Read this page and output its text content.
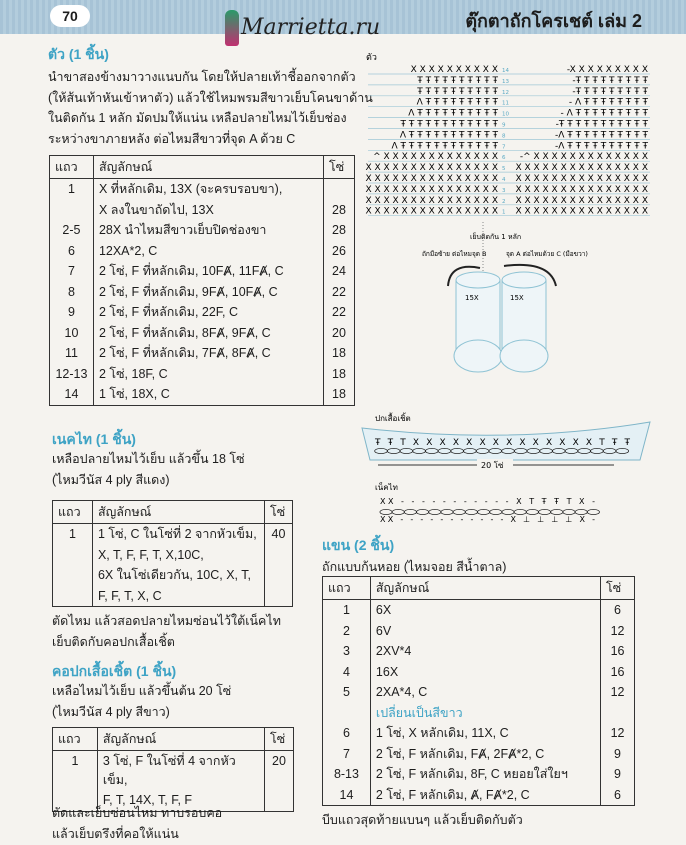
70	Marrietta.ru	ตุ๊กตาถักโครเชต์ เล่ม 2
ตัว (1 ชิ้น)
นำขาสองข้างมาวางแนบกัน โดยให้ปลายเท้าชี้ออกจากตัว
(ให้ส้นเท้าหันเข้าหาตัว) แล้วใช้ไหมพรมสีขาวเย็บโคนขาด้าน
ในติดกัน 1 หลัก มัดปมให้แน่น เหลือปลายไหมไว้เย็บช่อง
ระหว่างขาภายหลัง ต่อไหมสีขาวที่จุด A ด้วย C
แถว	สัญลักษณ์	โซ่
1	X ที่หลักเดิม, 13X (จะครบรอบขา),	
	X ลงในขาถัดไป, 13X	28
2-5	28X นำไหมสีขาวเย็บปิดช่องขา	28
6	12XA*2, C	26
7	2 โซ่, F ที่หลักเดิม, 10FȺ, 11FȺ, C	24
8	2 โซ่, F ที่หลักเดิม, 9FȺ, 10FȺ, C	22
9	2 โซ่, F ที่หลักเดิม, 22F, C	22
10	2 โซ่, F ที่หลักเดิม, 8FȺ, 9FȺ, C	20
11	2 โซ่, F ที่หลักเดิม, 7FȺ, 8FȺ, C	18
12-13	2 โซ่, 18F, C	18
14	1 โซ่, 18X, C	18
เนคไท (1 ชิ้น)
เหลือปลายไหมไว้เย็บ แล้วขึ้น 18 โซ่
(ไหมวีนัส 4 ply สีแดง)
แถว	สัญลักษณ์	โซ่
1	1 โซ่, C ในโซ่ที่ 2 จากหัวเข็ม,	40
	X, T, F, F, T, X,10C,	
	6X ในโซ่เดียวกัน, 10C, X, T,	
	F, F, T, X, C	
ตัดไหม แล้วสอดปลายไหมซ่อนไว้ใต้เน็คไท
เย็บติดกับคอปกเสื้อเชิ้ต
คอปกเสื้อเชิ้ต (1 ชิ้น)
เหลือไหมไว้เย็บ แล้วขึ้นต้น 20 โซ่
(ไหมวีนัส 4 ply สีขาว)
แถว	สัญลักษณ์	โซ่
1	3 โซ่, F ในโซ่ที่ 4 จากหัวเข็ม,	20
	F, T, 14X, T, F, F	
ตัดและเย็บซ่อนไหม ทาบรอบคอ
แล้วเย็บตรึงที่คอให้แน่น
แขน (2 ชิ้น)
ถักแบบก้นหอย (ไหมจอย สีน้ำตาล)
แถว	สัญลักษณ์	โซ่
1	6X	6
2	6V	12
3	2XV*4	16
4	16X	16
5	2XA*4, C	12
	เปลี่ยนเป็นสีขาว	
6	1 โซ่, X หลักเดิม, 11X, C	12
7	2 โซ่, F หลักเดิม, FȺ, 2FȺ*2, C	9
8-13	2 โซ่, F หลักเดิม, 8F, C หยอยใส่ใยฯ	9
14	2 โซ่, F หลักเดิม, Ⱥ, FȺ*2, C	6
บีบแถวสุดท้ายแบนๆ แล้วเย็บติดกับตัว
ตัว
X X X X X X X X X X	-X X X X X X X X X
14
Ŧ Ŧ Ŧ Ŧ Ŧ Ŧ Ŧ Ŧ Ŧ Ŧ	-Ŧ Ŧ Ŧ Ŧ Ŧ Ŧ Ŧ Ŧ Ŧ
13
Ŧ Ŧ Ŧ Ŧ Ŧ Ŧ Ŧ Ŧ Ŧ Ŧ	-Ŧ Ŧ Ŧ Ŧ Ŧ Ŧ Ŧ Ŧ Ŧ
12
Λ Ŧ Ŧ Ŧ Ŧ Ŧ Ŧ Ŧ Ŧ Ŧ	- Λ Ŧ Ŧ Ŧ Ŧ Ŧ Ŧ Ŧ Ŧ
11
Λ Ŧ Ŧ Ŧ Ŧ Ŧ Ŧ Ŧ Ŧ Ŧ Ŧ	- Λ Ŧ Ŧ Ŧ Ŧ Ŧ Ŧ Ŧ Ŧ Ŧ
10
Ŧ Ŧ Ŧ Ŧ Ŧ Ŧ Ŧ Ŧ Ŧ Ŧ Ŧ Ŧ	-Ŧ Ŧ Ŧ Ŧ Ŧ Ŧ Ŧ Ŧ Ŧ Ŧ Ŧ
9
Λ Ŧ Ŧ Ŧ Ŧ Ŧ Ŧ Ŧ Ŧ Ŧ Ŧ Ŧ	-Λ Ŧ Ŧ Ŧ Ŧ Ŧ Ŧ Ŧ Ŧ Ŧ Ŧ
8
Λ Ŧ Ŧ Ŧ Ŧ Ŧ Ŧ Ŧ Ŧ Ŧ Ŧ Ŧ Ŧ	-Λ Ŧ Ŧ Ŧ Ŧ Ŧ Ŧ Ŧ Ŧ Ŧ Ŧ
7
^ X X X X X X X X X X X X X -^ X X X X X X X X X X X X X
6
X X X X X X X X X X X X X X X X X X X X X X X X X X X X X X
5
X X X X X X X X X X X X X X X X X X X X X X X X X X X X X X
4
X X X X X X X X X X X X X X X X X X X X X X X X X X X X X X
3
X X X X X X X X X X X X X X X X X X X X X X X X X X X X X X
2
X X X X X X X X X X X X X X X X X X X X X X X X X X X X X X
1
เย็บติดกัน 1 หลัก
ถักมือซ้าย ต่อไหมจุด B	จุด A ต่อไหมด้วย C (มือขวา)
15X	15X
ปกเสื้อเชิ้ต
Ŧ Ŧ T X X X X X X X X X X X X X X T Ŧ Ŧ
20 โซ่
เน็คไท
XX - - - - - - - - - - - X T Ŧ Ŧ T X -
XX - - - - - - - - - - - X ⊥ ⊥ ⊥ ⊥ X -
